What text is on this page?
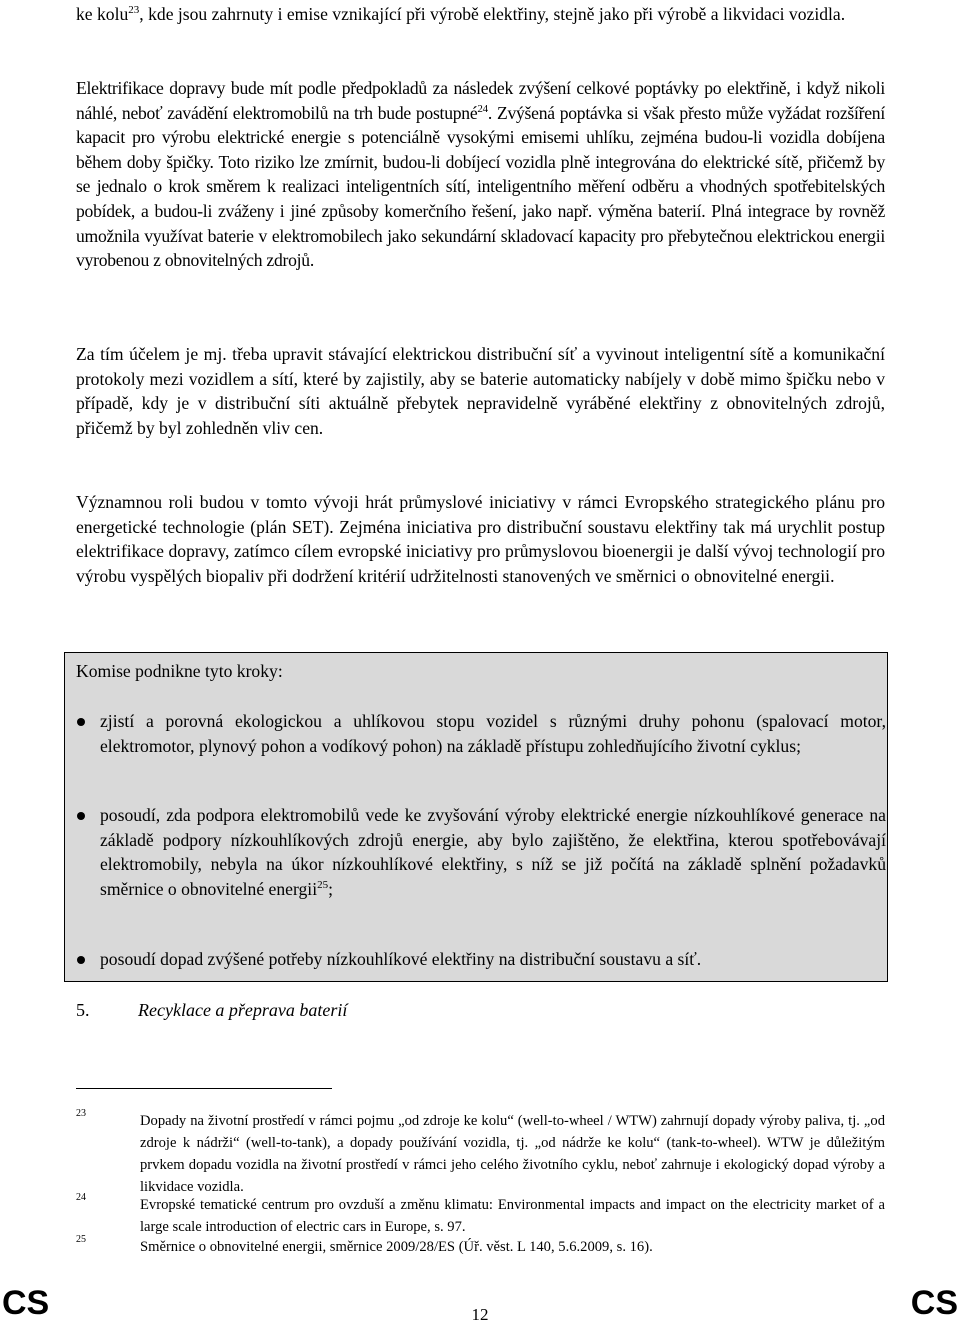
ke kolu$^{23}$, kde jsou zahrnuty i emise vznikající při výrobě elektřiny, stejně jako při výrobě a likvidaci vozidla.

Elektrifikace dopravy bude mít podle předpokladů za následek zvýšení celkové poptávky po elektřině, i když nikoli náhlé, neboť zavádění elektromobilů na trh bude postupné$^{24}$. Zvýšená poptávka si však přesto může vyžádat rozšíření kapacit pro výrobu elektrické energie s potenciálně vysokými emisemi uhlíku, zejména budou-li vozidla dobíjena během doby špičky. Toto riziko lze zmírnit, budou-li dobíjecí vozidla plně integrována do elektrické sítě, přičemž by se jednalo o krok směrem k realizaci inteligentních sítí, inteligentního měření odběru a vhodných spotřebitelských pobídek, a budou-li zváženy i jiné způsoby komerčního řešení, jako např. výměna baterií. Plná integrace by rovněž umožnila využívat baterie v elektromobilech jako sekundární skladovací kapacity pro přebytečnou elektrickou energii vyrobenou z obnovitelných zdrojů.

Za tím účelem je mj. třeba upravit stávající elektrickou distribuční síť a vyvinout inteligentní sítě a komunikační protokoly mezi vozidlem a sítí, které by zajistily, aby se baterie automaticky nabíjely v době mimo špičku nebo v případě, kdy je v distribuční síti aktuálně přebytek nepravidelně vyráběné elektřiny z obnovitelných zdrojů, přičemž by byl zohledněn vliv cen.

Významnou roli budou v tomto vývoji hrát průmyslové iniciativy v rámci Evropského strategického plánu pro energetické technologie (plán SET). Zejména iniciativa pro distribuční soustavu elektřiny tak má urychlit postup elektrifikace dopravy, zatímco cílem evropské iniciativy pro průmyslovou bioenergii je další vývoj technologií pro výrobu vyspělých biopaliv při dodržení kritérií udržitelnosti stanovených ve směrnici o obnovitelné energii.

Komise podnikne tyto kroky:
zjistí a porovná ekologickou a uhlíkovou stopu vozidel s různými druhy pohonu (spalovací motor, elektromotor, plynový pohon a vodíkový pohon) na základě přístupu zohledňujícího životní cyklus;
posoudí, zda podpora elektromobilů vede ke zvyšování výroby elektrické energie nízkouhlíkové generace na základě podpory nízkouhlíkových zdrojů energie, aby bylo zajištěno, že elektřina, kterou spotřebovávají elektromobily, nebyla na úkor nízkouhlíkové elektřiny, s níž se již počítá na základě splnění požadavků směrnice o obnovitelné energii$^{25}$;
posoudí dopad zvýšené potřeby nízkouhlíkové elektřiny na distribuční soustavu a síť.
5.	Recyklace a přeprava baterií
23	Dopady na životní prostředí v rámci pojmu „od zdroje ke kolu“ (well-to-wheel / WTW) zahrnují dopady výroby paliva, tj. „od zdroje k nádrži“ (well-to-tank), a dopady používání vozidla, tj. „od nádrže ke kolu“ (tank-to-wheel). WTW je důležitým prvkem dopadu vozidla na životní prostředí v rámci jeho celého životního cyklu, neboť zahrnuje i ekologický dopad výroby a likvidace vozidla.
24	Evropské tematické centrum pro ovzduší a změnu klimatu: Environmental impacts and impact on the electricity market of a large scale introduction of electric cars in Europe, s. 97.
25	Směrnice o obnovitelné energii, směrnice 2009/28/ES (Úř. věst. L 140, 5.6.2009, s. 16).
CS	12	CS
